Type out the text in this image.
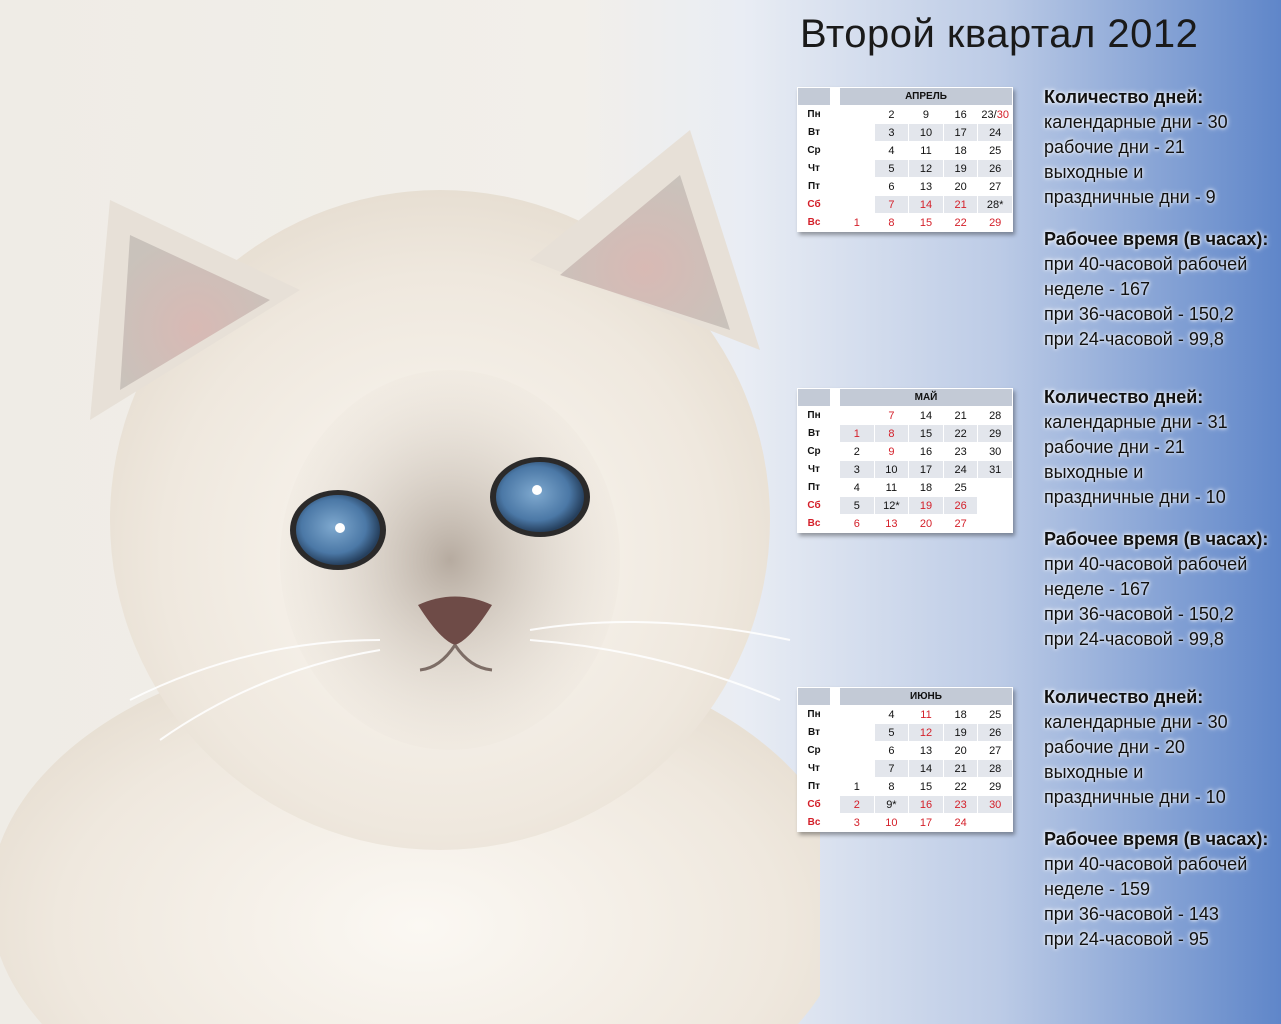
Второй квартал 2012
		АПРЕЛЬ				
Пн			2	9	16	23/30
Вт			3	10	17	24
Ср			4	11	18	25
Чт			5	12	19	26
Пт			6	13	20	27
Сб			7	14	21	28*
Вс		1	8	15	22	29
Количество дней:
календарные дни - 30
рабочие дни - 21
выходные и
праздничные дни - 9
Рабочее время (в часах):
при 40-часовой рабочей
неделе - 167
при 36-часовой - 150,2
при 24-часовой - 99,8
		МАЙ				
Пн			7	14	21	28
Вт		1	8	15	22	29
Ср		2	9	16	23	30
Чт		3	10	17	24	31
Пт		4	11	18	25	
Сб		5	12*	19	26	
Вс		6	13	20	27	
Количество дней:
календарные дни - 31
рабочие дни - 21
выходные и
праздничные дни - 10
Рабочее время (в часах):
при 40-часовой рабочей
неделе - 167
при 36-часовой - 150,2
при 24-часовой - 99,8
		ИЮНЬ				
Пн			4	11	18	25
Вт			5	12	19	26
Ср			6	13	20	27
Чт			7	14	21	28
Пт		1	8	15	22	29
Сб		2	9*	16	23	30
Вс		3	10	17	24	
Количество дней:
календарные дни - 30
рабочие дни - 20
выходные и
праздничные дни - 10
Рабочее время (в часах):
при 40-часовой рабочей
неделе - 159
при 36-часовой - 143
при 24-часовой - 95
